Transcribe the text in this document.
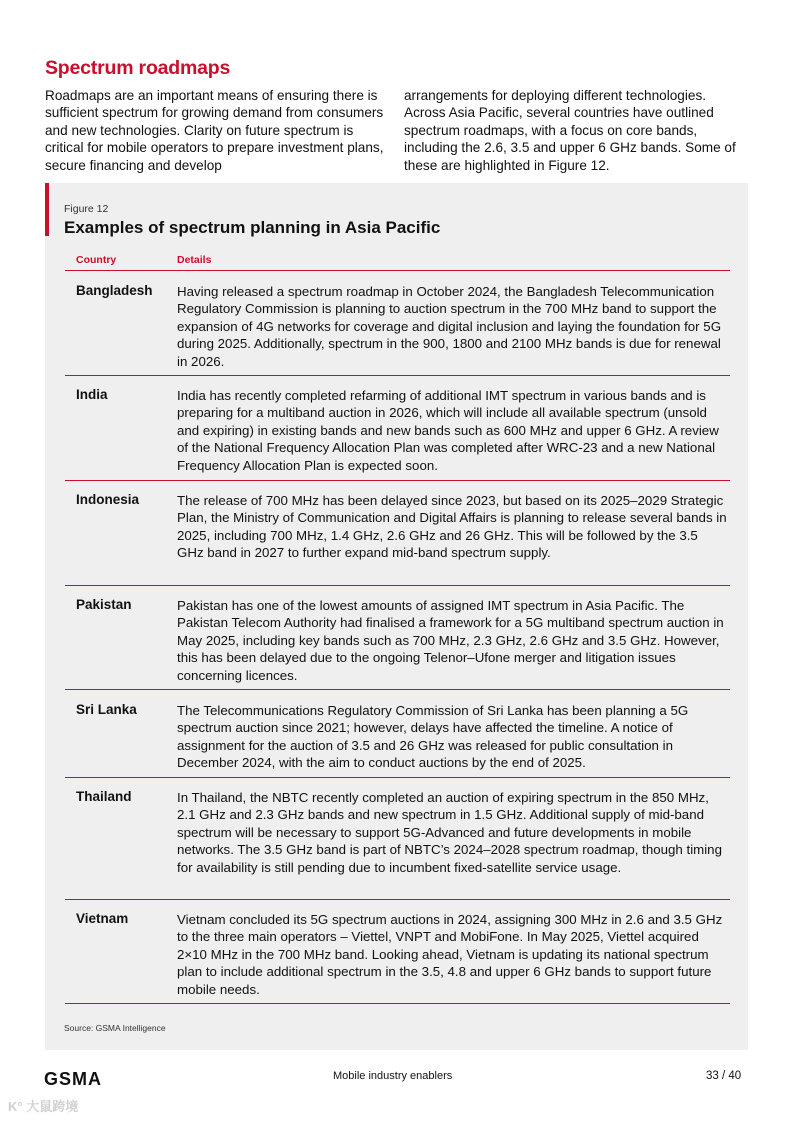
Spectrum roadmaps
Roadmaps are an important means of ensuring there is sufficient spectrum for growing demand from consumers and new technologies. Clarity on future spectrum is critical for mobile operators to prepare investment plans, secure financing and develop
arrangements for deploying different technologies. Across Asia Pacific, several countries have outlined spectrum roadmaps, with a focus on core bands, including the 2.6, 3.5 and upper 6 GHz bands. Some of these are highlighted in Figure 12.
Figure 12
Examples of spectrum planning in Asia Pacific
Country	Details
Bangladesh Having released a spectrum roadmap in October 2024, the Bangladesh Telecommunication Regulatory Commission is planning to auction spectrum in the 700 MHz band to support the expansion of 4G networks for coverage and digital inclusion and laying the foundation for 5G during 2025. Additionally, spectrum in the 900, 1800 and 2100 MHz bands is due for renewal in 2026.
India	India has recently completed refarming of additional IMT spectrum in various bands and is preparing for a multiband auction in 2026, which will include all available spectrum (unsold and expiring) in existing bands and new bands such as 600 MHz and upper 6 GHz. A review of the National Frequency Allocation Plan was completed after WRC-23 and a new National Frequency Allocation Plan is expected soon.
Indonesia	The release of 700 MHz has been delayed since 2023, but based on its 2025–2029 Strategic Plan, the Ministry of Communication and Digital Affairs is planning to release several bands in 2025, including 700 MHz, 1.4 GHz, 2.6 GHz and 26 GHz. This will be followed by the 3.5 GHz band in 2027 to further expand mid-band spectrum supply.
Pakistan	Pakistan has one of the lowest amounts of assigned IMT spectrum in Asia Pacific. The Pakistan Telecom Authority had finalised a framework for a 5G multiband spectrum auction in May 2025, including key bands such as 700 MHz, 2.3 GHz, 2.6 GHz and 3.5 GHz. However, this has been delayed due to the ongoing Telenor–Ufone merger and litigation issues concerning licences.
Sri Lanka	The Telecommunications Regulatory Commission of Sri Lanka has been planning a 5G spectrum auction since 2021; however, delays have affected the timeline. A notice of assignment for the auction of 3.5 and 26 GHz was released for public consultation in December 2024, with the aim to conduct auctions by the end of 2025.
Thailand	In Thailand, the NBTC recently completed an auction of expiring spectrum in the 850 MHz, 2.1 GHz and 2.3 GHz bands and new spectrum in 1.5 GHz. Additional supply of mid-band spectrum will be necessary to support 5G-Advanced and future developments in mobile networks. The 3.5 GHz band is part of NBTC’s 2024–2028 spectrum roadmap, though timing for availability is still pending due to incumbent fixed-satellite service usage.
Vietnam	Vietnam concluded its 5G spectrum auctions in 2024, assigning 300 MHz in 2.6 and 3.5 GHz to the three main operators – Viettel, VNPT and MobiFone. In May 2025, Viettel acquired 2×10 MHz in the 700 MHz band. Looking ahead, Vietnam is updating its national spectrum plan to include additional spectrum in the 3.5, 4.8 and upper 6 GHz bands to support future mobile needs.
Source: GSMA Intelligence
GSMA	Mobile industry enablers	33 / 40
K° 大鼠跨境
